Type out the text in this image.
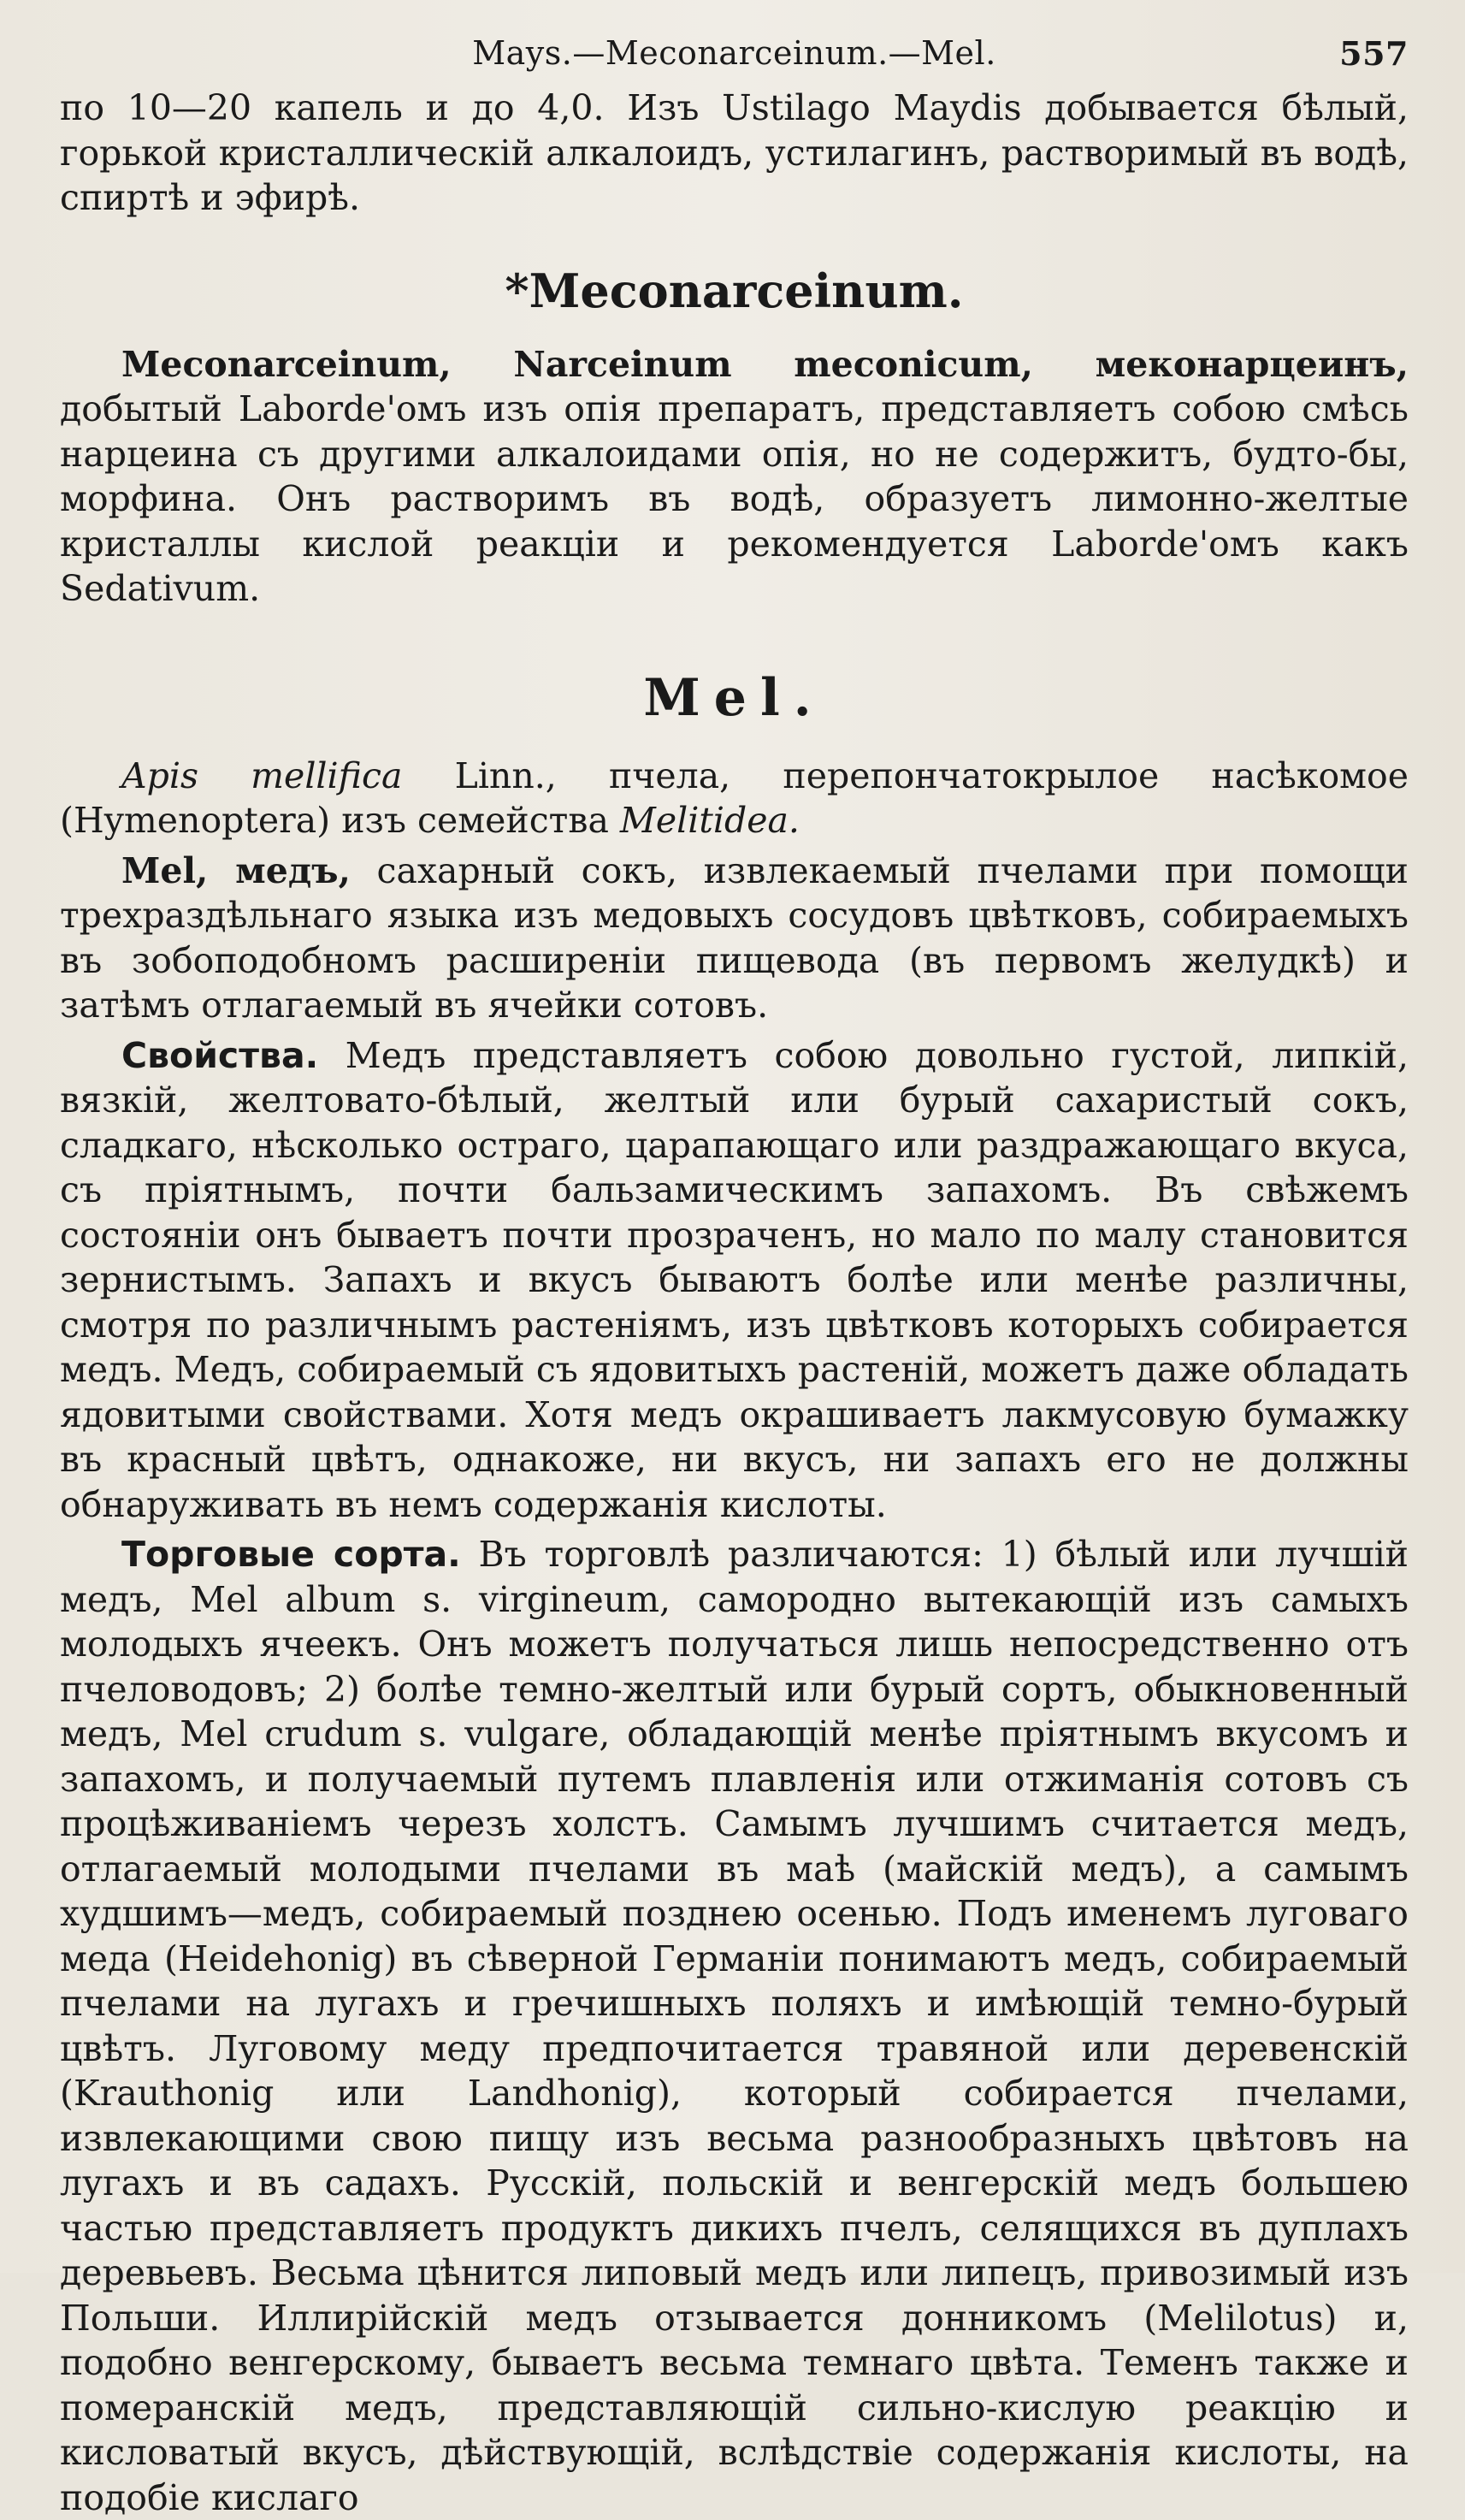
Mays.—Meconarceinum.—Mel.	557

по 10—20 капель и до 4,0. Изъ Ustilago Maydis добывается бѣлый, горькой кристаллическій алкалоидъ, устилагинъ, растворимый въ водѣ, спиртѣ и эфирѣ.

*Meconarceinum.

Meconarceinum, Narceinum meconicum, меконарцеинъ, добытый Laborde'омъ изъ опія препаратъ, представляетъ собою смѣсь нарцеина съ другими алкалоидами опія, но не содержитъ, будто-бы, морфина. Онъ растворимъ въ водѣ, образуетъ лимонно-желтые кристаллы кислой реакціи и рекомендуется Laborde'омъ какъ Sedativum.

Mel.

Apis mellifica Linn., пчела, перепончатокрылое насѣкомое (Hymenoptera) изъ семейства Melitidea.

Mel, медъ, сахарный сокъ, извлекаемый пчелами при помощи трехраздѣльнаго языка изъ медовыхъ сосудовъ цвѣтковъ, собираемыхъ въ зобоподобномъ расширеніи пищевода (въ первомъ желудкѣ) и затѣмъ отлагаемый въ ячейки сотовъ.

Свойства. Медъ представляетъ собою довольно густой, липкій, вязкій, желтовато-бѣлый, желтый или бурый сахаристый сокъ, сладкаго, нѣсколько остраго, царапающаго или раздражающаго вкуса, съ пріятнымъ, почти бальзамическимъ запахомъ. Въ свѣжемъ состояніи онъ бываетъ почти прозраченъ, но мало по малу становится зернистымъ. Запахъ и вкусъ бываютъ болѣе или менѣе различны, смотря по различнымъ растеніямъ, изъ цвѣтковъ которыхъ собирается медъ. Медъ, собираемый съ ядовитыхъ растеній, можетъ даже обладать ядовитыми свойствами. Хотя медъ окрашиваетъ лакмусовую бумажку въ красный цвѣтъ, однакоже, ни вкусъ, ни запахъ его не должны обнаруживать въ немъ содержанія кислоты.

Торговые сорта. Въ торговлѣ различаются: 1) бѣлый или лучшій медъ, Mel album s. virgineum, самородно вытекающій изъ самыхъ молодыхъ ячеекъ. Онъ можетъ получаться лишь непосредственно отъ пчеловодовъ; 2) болѣе темно-желтый или бурый сортъ, обыкновенный медъ, Mel crudum s. vulgare, обладающій менѣе пріятнымъ вкусомъ и запахомъ, и получаемый путемъ плавленія или отжиманія сотовъ съ процѣживаніемъ черезъ холстъ. Самымъ лучшимъ считается медъ, отлагаемый молодыми пчелами въ маѣ (майскій медъ), а самымъ худшимъ—медъ, собираемый позднею осенью. Подъ именемъ луговаго меда (Heidehonig) въ сѣверной Германіи понимаютъ медъ, собираемый пчелами на лугахъ и гречишныхъ поляхъ и имѣющій темно-бурый цвѣтъ. Луговому меду предпочитается травяной или деревенскій (Krauthonig или Landhonig), который собирается пчелами, извлекающими свою пищу изъ весьма разнообразныхъ цвѣтовъ на лугахъ и въ садахъ. Русскій, польскій и венгерскій медъ большею частью представляетъ продуктъ дикихъ пчелъ, селящихся въ дуплахъ деревьевъ. Весьма цѣнится липовый медъ или липецъ, привозимый изъ Польши. Иллирійскій медъ отзывается донникомъ (Melilotus) и, подобно венгерскому, бываетъ весьма темнаго цвѣта. Теменъ также и померанскій медъ, представляющій сильно-кислую реакцію и кисловатый вкусъ, дѣйствующій, вслѣдствіе содержанія кислоты, на подобіе кислаго
